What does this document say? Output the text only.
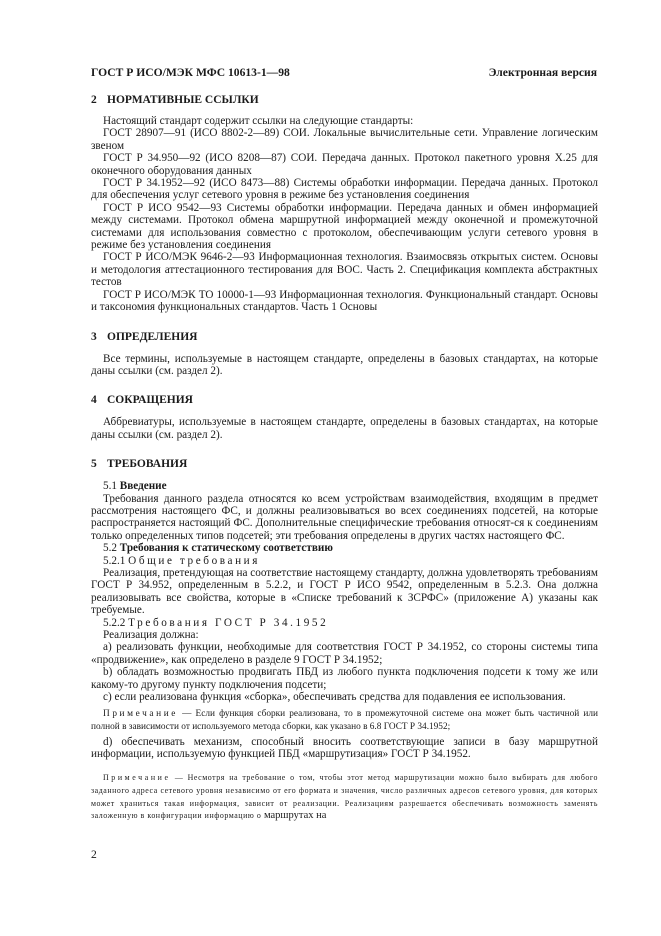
ГОСТ Р ИСО/МЭК МФС 10613-1—98	Электронная версия
2 НОРМАТИВНЫЕ ССЫЛКИ
Настоящий стандарт содержит ссылки на следующие стандарты:
ГОСТ 28907—91 (ИСО 8802-2—89) СОИ. Локальные вычислительные сети. Управление логическим звеном
ГОСТ Р 34.950—92 (ИСО 8208—87) СОИ. Передача данных. Протокол пакетного уровня Х.25 для оконечного оборудования данных
ГОСТ Р 34.1952—92 (ИСО 8473—88) Системы обработки информации. Передача данных. Протокол для обеспечения услуг сетевого уровня в режиме без установления соединения
ГОСТ Р ИСО 9542—93 Системы обработки информации. Передача данных и обмен информацией между системами. Протокол обмена маршрутной информацией между оконечной и промежуточной системами для использования совместно с протоколом, обеспечивающим услуги сетевого уровня в режиме без установления соединения
ГОСТ Р ИСО/МЭК 9646-2—93 Информационная технология. Взаимосвязь открытых систем. Основы и методология аттестационного тестирования для ВОС. Часть 2. Спецификация комплекта абстрактных тестов
ГОСТ Р ИСО/МЭК ТО 10000-1—93 Информационная технология. Функциональный стандарт. Основы и таксономия функциональных стандартов. Часть 1 Основы
3 ОПРЕДЕЛЕНИЯ
Все термины, используемые в настоящем стандарте, определены в базовых стандартах, на которые даны ссылки (см. раздел 2).
4 СОКРАЩЕНИЯ
Аббревиатуры, используемые в настоящем стандарте, определены в базовых стандартах, на которые даны ссылки (см. раздел 2).
5 ТРЕБОВАНИЯ
5.1 Введение
Требования данного раздела относятся ко всем устройствам взаимодействия, входящим в предмет рассмотрения настоящего ФС, и должны реализовываться во всех соединениях подсетей, на которые распространяется настоящий ФС. Дополнительные специфические требования относят-ся к соединениям только определенных типов подсетей; эти требования определены в других частях настоящего ФС.
5.2 Требования к статическому соответствию
5.2.1 Общие требования
Реализация, претендующая на соответствие настоящему стандарту, должна удовлетворять требованиям ГОСТ Р 34.952, определенным в 5.2.2, и ГОСТ Р ИСО 9542, определенным в 5.2.3. Она должна реализовывать все свойства, которые в «Списке требований к ЗСРФС» (приложение А) указаны как требуемые.
5.2.2 Требования ГОСТ Р 34.1952
Реализация должна:
a) реализовать функции, необходимые для соответствия ГОСТ Р 34.1952, со стороны системы типа «продвижение», как определено в разделе 9 ГОСТ Р 34.1952;
b) обладать возможностью продвигать ПБД из любого пункта подключения подсети к тому же или какому-то другому пункту подключения подсети;
c) если реализована функция «сборка», обеспечивать средства для подавления ее использования.
Примечание — Если функция сборки реализована, то в промежуточной системе она может быть частичной или полной в зависимости от используемого метода сборки, как указано в 6.8 ГОСТ Р 34.1952;
d) обеспечивать механизм, способный вносить соответствующие записи в базу маршрутной информации, используемую функцией ПБД «маршрутизация» ГОСТ Р 34.1952.
Примечание — Несмотря на требование о том, чтобы этот метод маршрутизации можно было выбирать для любого заданного адреса сетевого уровня независимо от его формата и значения, число различных адресов сетевого уровня, для которых может храниться такая информация, зависит от реализации. Реализациям разрешается обеспечивать возможность заменять заложенную в конфигурации информацию о маршрутах на
2
